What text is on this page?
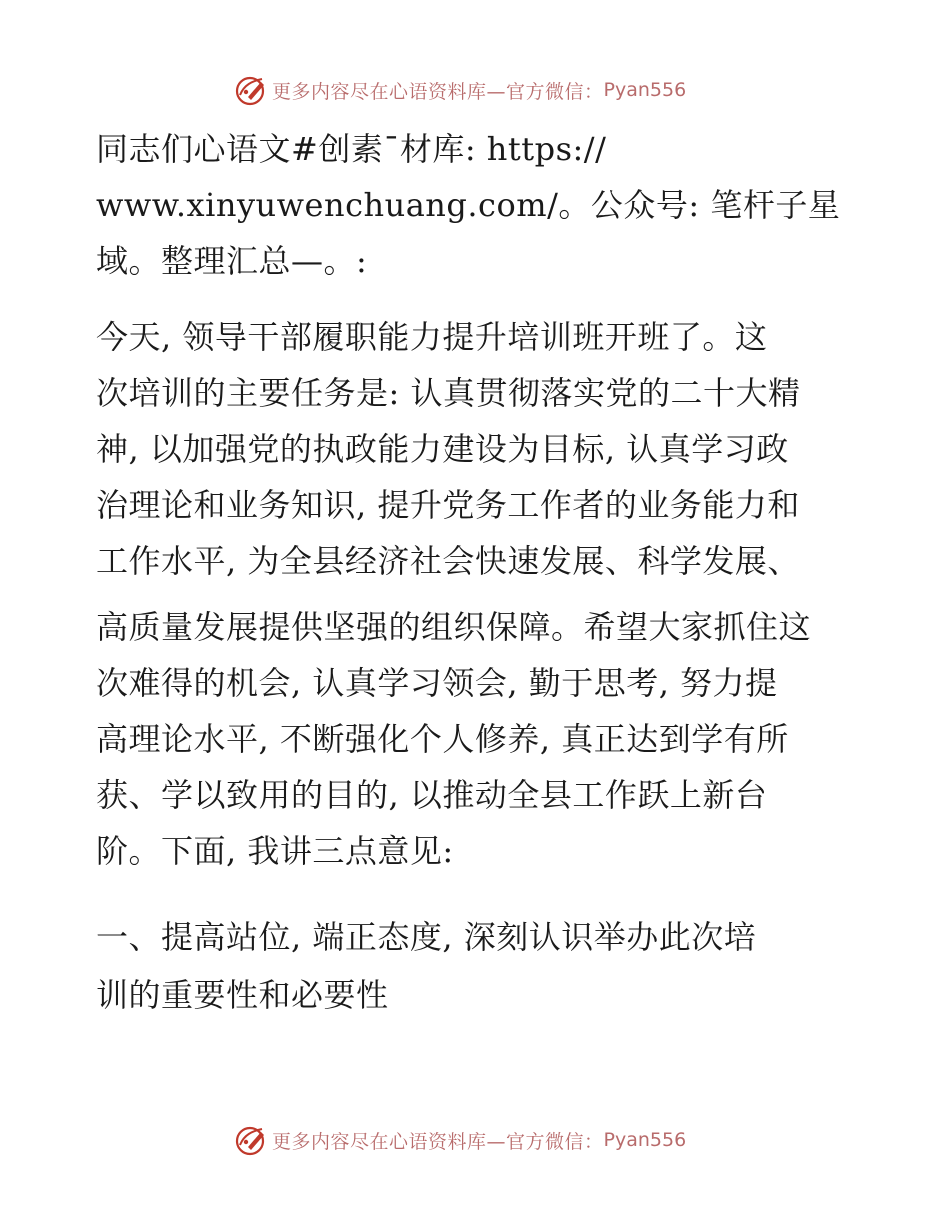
更多内容尽在心语资料库—官方微信： Pyan556
同志们心语文#创素¯材库: https://
www.xinyuwenchuang.com/。公众号: 笔杆子星
域。整理汇总—。:
今天, 领导干部履职能力提升培训班开班了。这
次培训的主要任务是: 认真贯彻落实党的二十大精
神, 以加强党的执政能力建设为目标, 认真学习政
治理论和业务知识, 提升党务工作者的业务能力和
工作水平, 为全县经济社会快速发展、科学发展、
高质量发展提供坚强的组织保障。希望大家抓住这
次难得的机会, 认真学习领会, 勤于思考, 努力提
高理论水平, 不断强化个人修养, 真正达到学有所
获、学以致用的目的, 以推动全县工作跃上新台
阶。下面, 我讲三点意见:
一、提高站位, 端正态度, 深刻认识举办此次培
训的重要性和必要性
更多内容尽在心语资料库—官方微信： Pyan556
